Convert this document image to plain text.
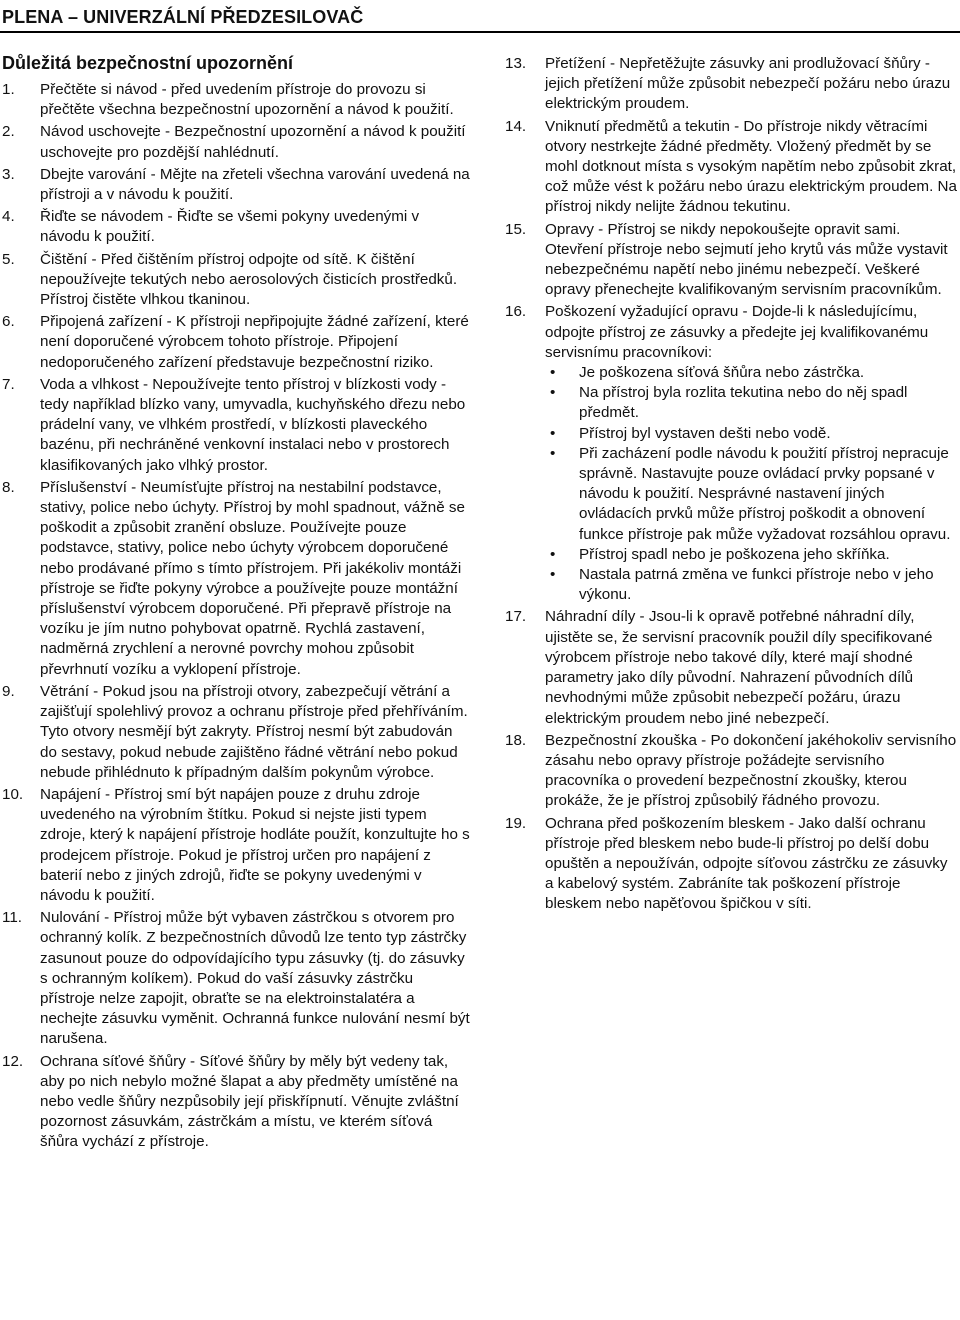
PLENA – UNIVERZÁLNÍ PŘEDZESILOVAČ
Důležitá bezpečnostní upozornění
1. Přečtěte si návod - před uvedením přístroje do provozu si přečtěte všechna bezpečnostní upozornění a návod k použití.
2. Návod uschovejte - Bezpečnostní upozornění a návod k použití uschovejte pro pozdější nahlédnutí.
3. Dbejte varování - Mějte na zřeteli všechna varování uvedená na přístroji a v návodu k použití.
4. Řiďte se návodem - Řiďte se všemi pokyny uvedenými v návodu k použití.
5. Čištění - Před čištěním přístroj odpojte od sítě. K čištění nepoužívejte tekutých nebo aerosolových čisticích prostředků. Přístroj čistěte vlhkou tkaninou.
6. Připojená zařízení - K přístroji nepřipojujte žádné zařízení, které není doporučené výrobcem tohoto přístroje. Připojení nedoporučeného zařízení představuje bezpečnostní riziko.
7. Voda a vlhkost - Nepoužívejte tento přístroj v blízkosti vody - tedy například blízko vany, umyvadla, kuchyňského dřezu nebo prádelní vany, ve vlhkém prostředí, v blízkosti plaveckého bazénu, při nechráněné venkovní instalaci nebo v prostorech klasifikovaných jako vlhký prostor.
8. Příslušenství - Neumísťujte přístroj na nestabilní podstavce, stativy, police nebo úchyty. Přístroj by mohl spadnout, vážně se poškodit a způsobit zranění obsluze. Používejte pouze podstavce, stativy, police nebo úchyty výrobcem doporučené nebo prodávané přímo s tímto přístrojem. Při jakékoliv montáži přístroje se řiďte pokyny výrobce a používejte pouze montážní příslušenství výrobcem doporučené. Při přepravě přístroje na vozíku je jím nutno pohybovat opatrně. Rychlá zastavení, nadměrná zrychlení a nerovné povrchy mohou způsobit převrhnutí vozíku a vyklopení přístroje.
9. Větrání - Pokud jsou na přístroji otvory, zabezpečují větrání a zajišťují spolehlivý provoz a ochranu přístroje před přehříváním. Tyto otvory nesmějí být zakryty. Přístroj nesmí být zabudován do sestavy, pokud nebude zajištěno řádné větrání nebo pokud nebude přihlédnuto k případným dalším pokynům výrobce.
10. Napájení - Přístroj smí být napájen pouze z druhu zdroje uvedeného na výrobním štítku. Pokud si nejste jisti typem zdroje, který k napájení přístroje hodláte použít, konzultujte ho s prodejcem přístroje. Pokud je přístroj určen pro napájení z baterií nebo z jiných zdrojů, řiďte se pokyny uvedenými v návodu k použití.
11. Nulování - Přístroj může být vybaven zástrčkou s otvorem pro ochranný kolík. Z bezpečnostních důvodů lze tento typ zástrčky zasunout pouze do odpovídajícího typu zásuvky (tj. do zásuvky s ochranným kolíkem). Pokud do vaší zásuvky zástrčku přístroje nelze zapojit, obraťte se na elektroinstalatéra a nechejte zásuvku vyměnit. Ochranná funkce nulování nesmí být narušena.
12. Ochrana síťové šňůry - Síťové šňůry by měly být vedeny tak, aby po nich nebylo možné šlapat a aby předměty umístěné na nebo vedle šňůry nezpůsobily její přiskřípnutí. Věnujte zvláštní pozornost zásuvkám, zástrčkám a místu, ve kterém síťová šňůra vychází z přístroje.
13. Přetížení - Nepřetěžujte zásuvky ani prodlužovací šňůry - jejich přetížení může způsobit nebezpečí požáru nebo úrazu elektrickým proudem.
14. Vniknutí předmětů a tekutin - Do přístroje nikdy větracími otvory nestrkejte žádné předměty. Vložený předmět by se mohl dotknout místa s vysokým napětím nebo způsobit zkrat, což může vést k požáru nebo úrazu elektrickým proudem. Na přístroj nikdy nelijte žádnou tekutinu.
15. Opravy - Přístroj se nikdy nepokoušejte opravit sami. Otevření přístroje nebo sejmutí jeho krytů vás může vystavit nebezpečnému napětí nebo jinému nebezpečí. Veškeré opravy přenechejte kvalifikovaným servisním pracovníkům.
16. Poškození vyžadující opravu - Dojde-li k následujícímu, odpojte přístroj ze zásuvky a předejte jej kvalifikovanému servisnímu pracovníkovi:
• Je poškozena síťová šňůra nebo zástrčka.
• Na přístroj byla rozlita tekutina nebo do něj spadl předmět.
• Přístroj byl vystaven dešti nebo vodě.
• Při zacházení podle návodu k použití přístroj nepracuje správně. Nastavujte pouze ovládací prvky popsané v návodu k použití. Nesprávné nastavení jiných ovládacích prvků může přístroj poškodit a obnovení funkce přístroje pak může vyžadovat rozsáhlou opravu.
• Přístroj spadl nebo je poškozena jeho skříňka.
• Nastala patrná změna ve funkci přístroje nebo v jeho výkonu.
17. Náhradní díly - Jsou-li k opravě potřebné náhradní díly, ujistěte se, že servisní pracovník použil díly specifikované výrobcem přístroje nebo takové díly, které mají shodné parametry jako díly původní. Nahrazení původních dílů nevhodnými může způsobit nebezpečí požáru, úrazu elektrickým proudem nebo jiné nebezpečí.
18. Bezpečnostní zkouška - Po dokončení jakéhokoliv servisního zásahu nebo opravy přístroje požádejte servisního pracovníka o provedení bezpečnostní zkoušky, kterou prokáže, že je přístroj způsobilý řádného provozu.
19. Ochrana před poškozením bleskem - Jako další ochranu přístroje před bleskem nebo bude-li přístroj po delší dobu opuštěn a nepoužíván, odpojte síťovou zástrčku ze zásuvky a kabelový systém. Zabráníte tak poškození přístroje bleskem nebo napěťovou špičkou v síti.
